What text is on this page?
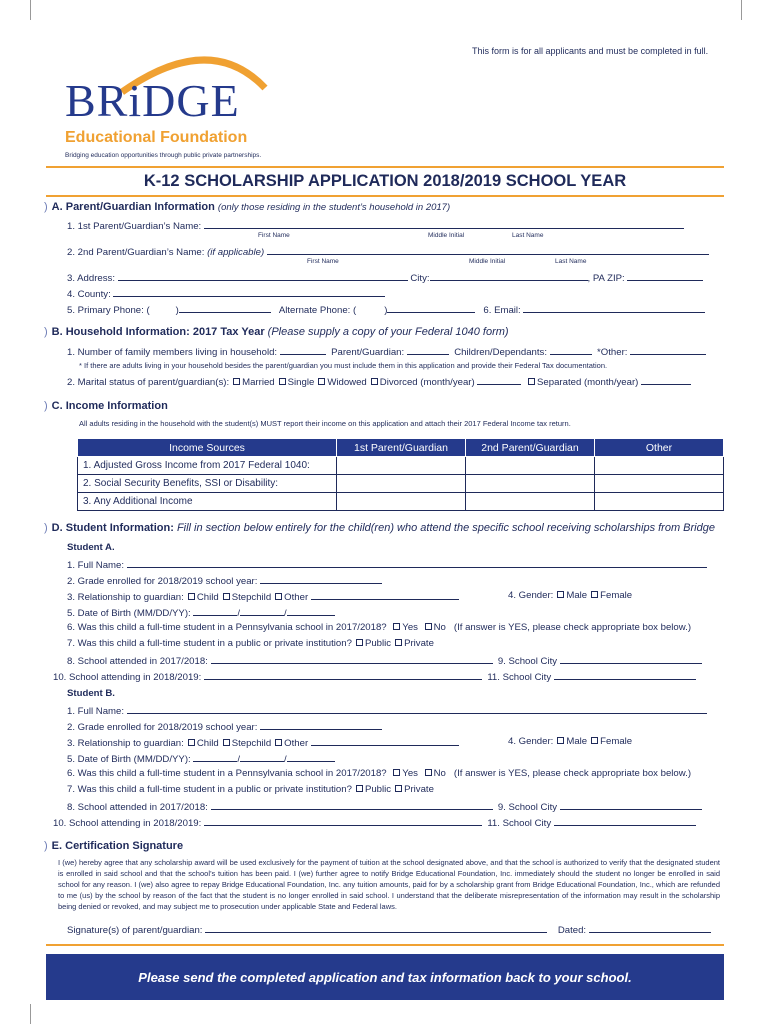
This form is for all applicants and must be completed in full.
BRiDGE
Educational Foundation
Bridging education opportunities through public private partnerships.
K-12 SCHOLARSHIP APPLICATION 2018/2019 SCHOOL YEAR
) A. Parent/Guardian Information (only those residing in the student’s household in 2017)
1. 1st Parent/Guardian’s Name:
First Name	Middle Initial	Last Name
2. 2nd Parent/Guardian’s Name: (if applicable)
First Name	Middle Initial	Last Name
3. Address:	City:	, PA ZIP:
4. County:
5. Primary Phone: (	)	Alternate Phone: (	)	6. Email:
) B. Household Information: 2017 Tax Year (Please supply a copy of your Federal 1040 form)
1. Number of family members living in household:	Parent/Guardian:	Children/Dependants:	*Other:
* If there are adults living in your household besides the parent/guardian you must include them in this application and provide their Federal Tax documentation.
2. Marital status of parent/guardian(s): Married Single Widowed Divorced (month/year)	Separated (month/year)
) C. Income Information
All adults residing in the household with the student(s) MUST report their income on this application and attach their 2017 Federal Income tax return.
Income Sources	1st Parent/Guardian	2nd Parent/Guardian	Other
1. Adjusted Gross Income from 2017 Federal 1040:			
2. Social Security Benefits, SSI or Disability:			
3. Any Additional Income			
) D. Student Information: Fill in section below entirely for the child(ren) who attend the specific school receiving scholarships from Bridge
Student A.
1. Full Name:
2. Grade enrolled for 2018/2019 school year:
3. Relationship to guardian: Child Stepchild Other	4. Gender: Male Female
5. Date of Birth (MM/DD/YY):	/	/
6. Was this child a full-time student in a Pennsylvania school in 2017/2018? Yes No (If answer is YES, please check appropriate box below.)
7. Was this child a full-time student in a public or private institution? Public Private
8. School attended in 2017/2018:	9. School City
10. School attending in 2018/2019:	11. School City
Student B.
1. Full Name:
2. Grade enrolled for 2018/2019 school year:
3. Relationship to guardian: Child Stepchild Other	4. Gender: Male Female
5. Date of Birth (MM/DD/YY):	/	/
6. Was this child a full-time student in a Pennsylvania school in 2017/2018? Yes No (If answer is YES, please check appropriate box below.)
7. Was this child a full-time student in a public or private institution? Public Private
8. School attended in 2017/2018:	9. School City
10. School attending in 2018/2019:	11. School City
) E. Certification Signature
I (we) hereby agree that any scholarship award will be used exclusively for the payment of tuition at the school designated above, and that the school is authorized to verify that the designated student is enrolled in said school and that the school’s tuition has been paid. I (we) further agree to notify Bridge Educational Foundation, Inc. immediately should the student no longer be enrolled in said school for any reason. I (we) also agree to repay Bridge Educational Foundation, Inc. any tuition amounts, paid for by a scholarship grant from Bridge Educational Foundation, Inc., which are refunded to me (us) by the school by reason of the fact that the student is no longer enrolled in said school. I understand that the deliberate misrepresentation of the information may result in the scholarship being denied or revoked, and may subject me to prosecution under applicable State and Federal laws.
Signature(s) of parent/guardian:	Dated:
Please send the completed application and tax information back to your school.
